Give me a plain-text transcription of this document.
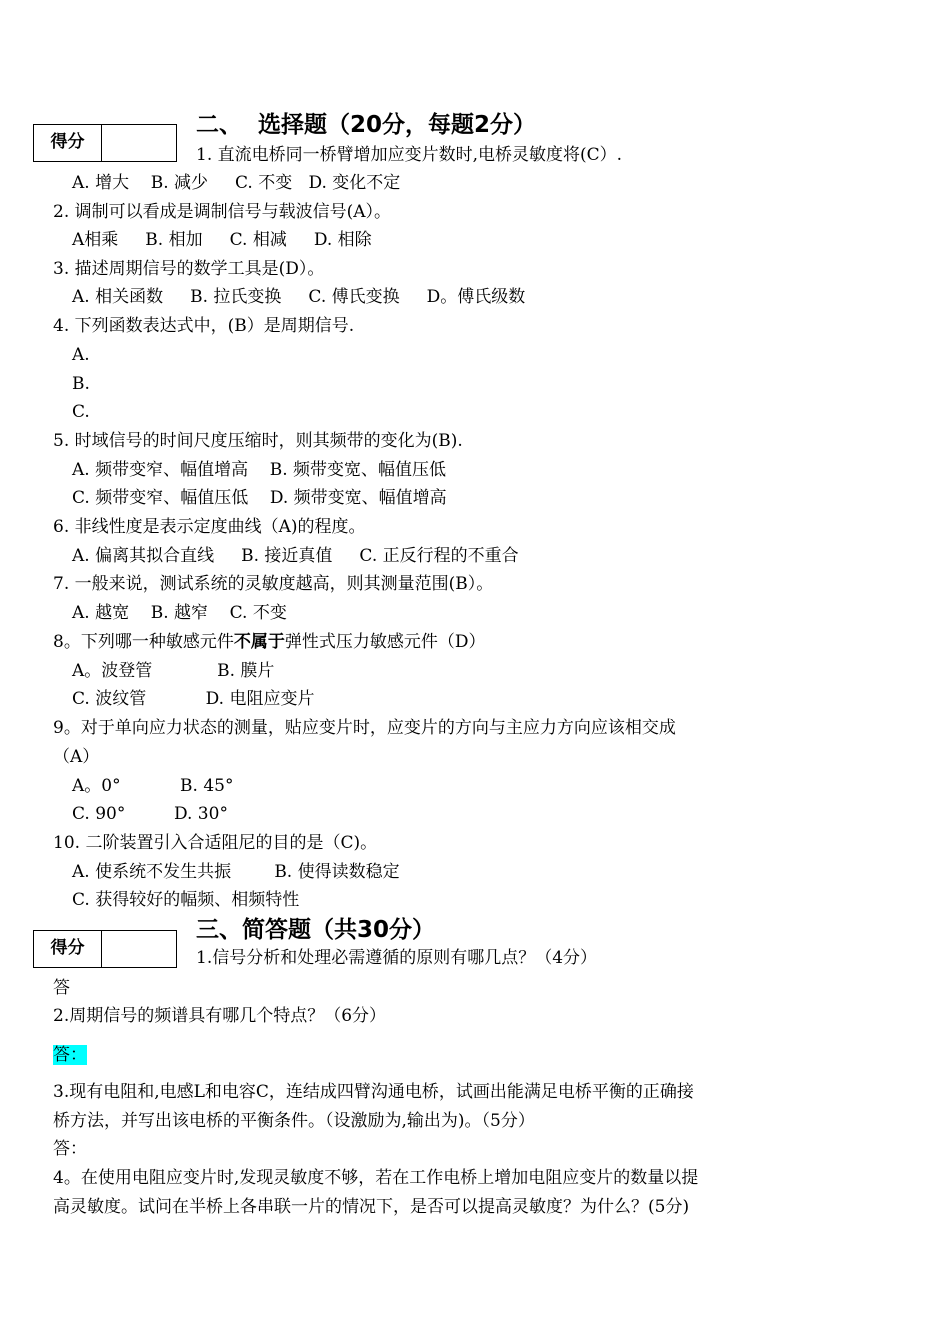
得分
二、  选择题（20分，每题2分）
1. 直流电桥同一桥臂增加应变片数时,电桥灵敏度将(C）.
A. 增大    B. 减少     C. 不变   D. 变化不定
2. 调制可以看成是调制信号与载波信号(A）。
A相乘     B. 相加     C. 相减     D. 相除
3. 描述周期信号的数学工具是(D）。
A. 相关函数     B. 拉氏变换     C. 傅氏变换     D。傅氏级数
4. 下列函数表达式中，(B）是周期信号.
A.
B.
C.
5. 时域信号的时间尺度压缩时，则其频带的变化为(B).
A. 频带变窄、幅值增高    B. 频带变宽、幅值压低
C. 频带变窄、幅值压低    D. 频带变宽、幅值增高
6. 非线性度是表示定度曲线（A)的程度。
A. 偏离其拟合直线     B. 接近真值     C. 正反行程的不重合
7. 一般来说，测试系统的灵敏度越高，则其测量范围(B）。
A. 越宽    B. 越窄    C. 不变
8。下列哪一种敏感元件不属于弹性式压力敏感元件（D）
A。波登管            B. 膜片
C. 波纹管           D. 电阻应变片
9。对于单向应力状态的测量，贴应变片时，应变片的方向与主应力方向应该相交成
（A）
A。0°           B. 45°
C. 90°         D. 30°
10. 二阶装置引入合适阻尼的目的是（C)。
A. 使系统不发生共振        B. 使得读数稳定
C. 获得较好的幅频、相频特性
得分
三、简答题（共30分）
1.信号分析和处理必需遵循的原则有哪几点？（4分）
答
2.周期信号的频谱具有哪几个特点？（6分）
答：
3.现有电阻和,电感L和电容C，连结成四臂沟通电桥，试画出能满足电桥平衡的正确接
桥方法，并写出该电桥的平衡条件。（设激励为,输出为)。（5分）
答：
4。在使用电阻应变片时,发现灵敏度不够，若在工作电桥上增加电阻应变片的数量以提
高灵敏度。试问在半桥上各串联一片的情况下，是否可以提高灵敏度？为什么？(5分)
